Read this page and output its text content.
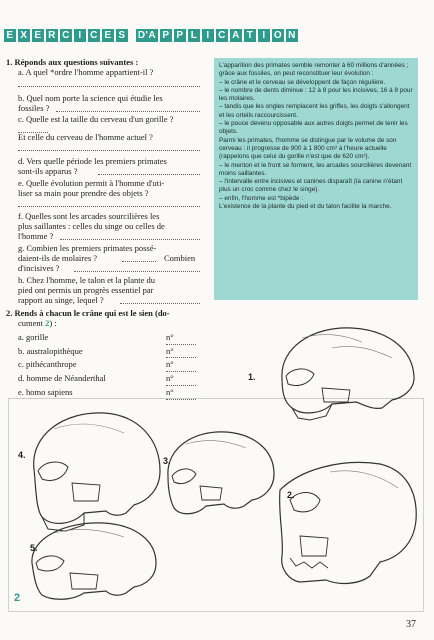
E X E R C I C E S D'A P P L I C A T I O N
1. Réponds aux questions suivantes :
a. A quel *ordre l'homme appartient-il ?
b. Quel nom porte la science qui étudie les
fossiles ?
c. Quelle est la taille du cerveau d'un gorille ?
Et celle du cerveau de l'homme actuel ?
d. Vers quelle période les premiers primates
sont-ils apparus ?
e. Quelle évolution permit à l'homme d'uti-
liser sa main pour prendre des objets ?
f. Quelles sont les arcades sourcilières les
plus saillantes : celles du singe ou celles de
l'homme ?
g. Combien les premiers primates possé-
daient-ils de molaires ?	Combien
d'incisives ?
h. Chez l'homme, le talon et la plante du
pied ont permis un progrès essentiel par
rapport au singe, lequel ?

L'apparition des primates semble remonter à 60 millions d'années ; grâce aux fossiles, on peut reconstituer leur évolution :

– le crâne et le cerveau se développent de façon régulière.

– le nombre de dents diminue : 12 à 8 pour les incisives, 16 à 8 pour les molaires.

– tandis que les ongles remplacent les griffes, les doigts s'allongent et les orteils raccourcissent.

– le pouce devenu opposable aux autres doigts permet de tenir les objets.

Parmi les primates, l'homme se distingue par le volume de son cerveau : il progresse de 900 à 1 800 cm³ à l'heure actuelle (rappelons que celui du gorille n'est que de 620 cm³).

– le menton et le front se forment, les arcades sourcilières devenant moins saillantes.

– l'intervalle entre incisives et canines disparaît (la canine n'étant plus un croc comme chez le singe).

– enfin, l'homme est *bipède :

L'existence de la plante du pied et du talon facilite la marche.

2. Rends à chacun le crâne qui est le sien (do-
cument 2) :
a. gorille	n°
b. australopithèque	n°
c. pithécanthrope	n°
d. homme de Néanderthal	n°
e. homo sapiens	n°
1.
2.
3.
4.
5.
2
37
